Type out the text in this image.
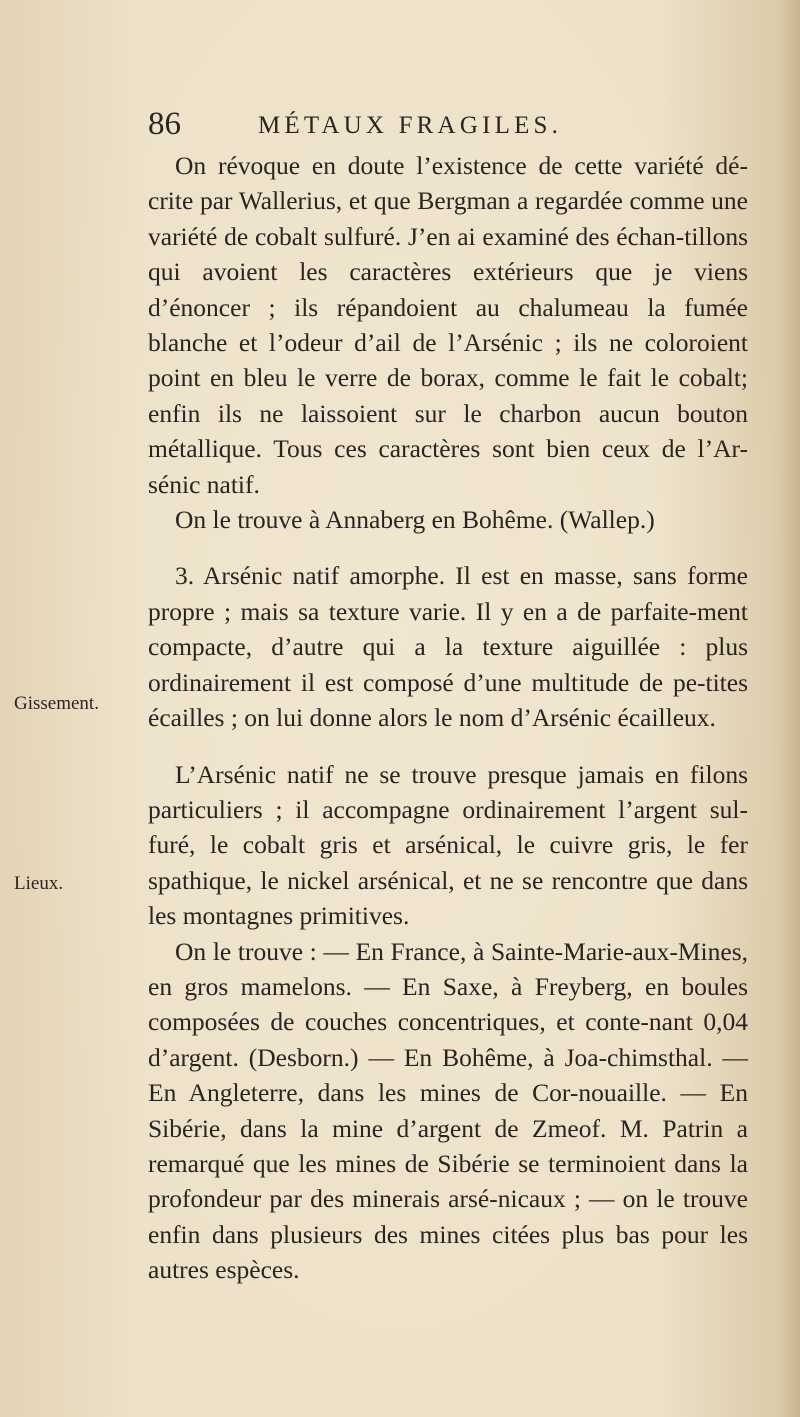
86	MÉTAUX FRAGILES.
Gissement.
Lieux.

On révoque en doute l’existence de cette variété dé-crite par Wallerius, et que Bergman a regardée comme une variété de cobalt sulfuré. J’en ai examiné des échan-tillons qui avoient les caractères extérieurs que je viens d’énoncer ; ils répandoient au chalumeau la fumée blanche et l’odeur d’ail de l’Arsénic ; ils ne coloroient point en bleu le verre de borax, comme le fait le cobalt; enfin ils ne laissoient sur le charbon aucun bouton métallique. Tous ces caractères sont bien ceux de l’Ar-sénic natif.

On le trouve à Annaberg en Bohême. (Walleр.)

3. Arsénic natif amorphe. Il est en masse, sans forme propre ; mais sa texture varie. Il y en a de parfaite-ment compacte, d’autre qui a la texture aiguillée : plus ordinairement il est composé d’une multitude de pe-tites écailles ; on lui donne alors le nom d’Arsénic écailleux.

L’Arsénic natif ne se trouve presque jamais en filons particuliers ; il accompagne ordinairement l’argent sul-furé, le cobalt gris et arsénical, le cuivre gris, le fer spathique, le nickel arsénical, et ne se rencontre que dans les montagnes primitives.

On le trouve : — En France, à Sainte-Marie-aux-Mines, en gros mamelons. — En Saxe, à Freyberg, en boules composées de couches concentriques, et conte-nant 0,04 d’argent. (Desborn.) — En Bohême, à Joa-chimsthal. — En Angleterre, dans les mines de Cor-nouaille. — En Sibérie, dans la mine d’argent de Zmeof. M. Patrin a remarqué que les mines de Sibérie se terminoient dans la profondeur par des minerais arsé-nicaux ; — on le trouve enfin dans plusieurs des mines citées plus bas pour les autres espèces.
